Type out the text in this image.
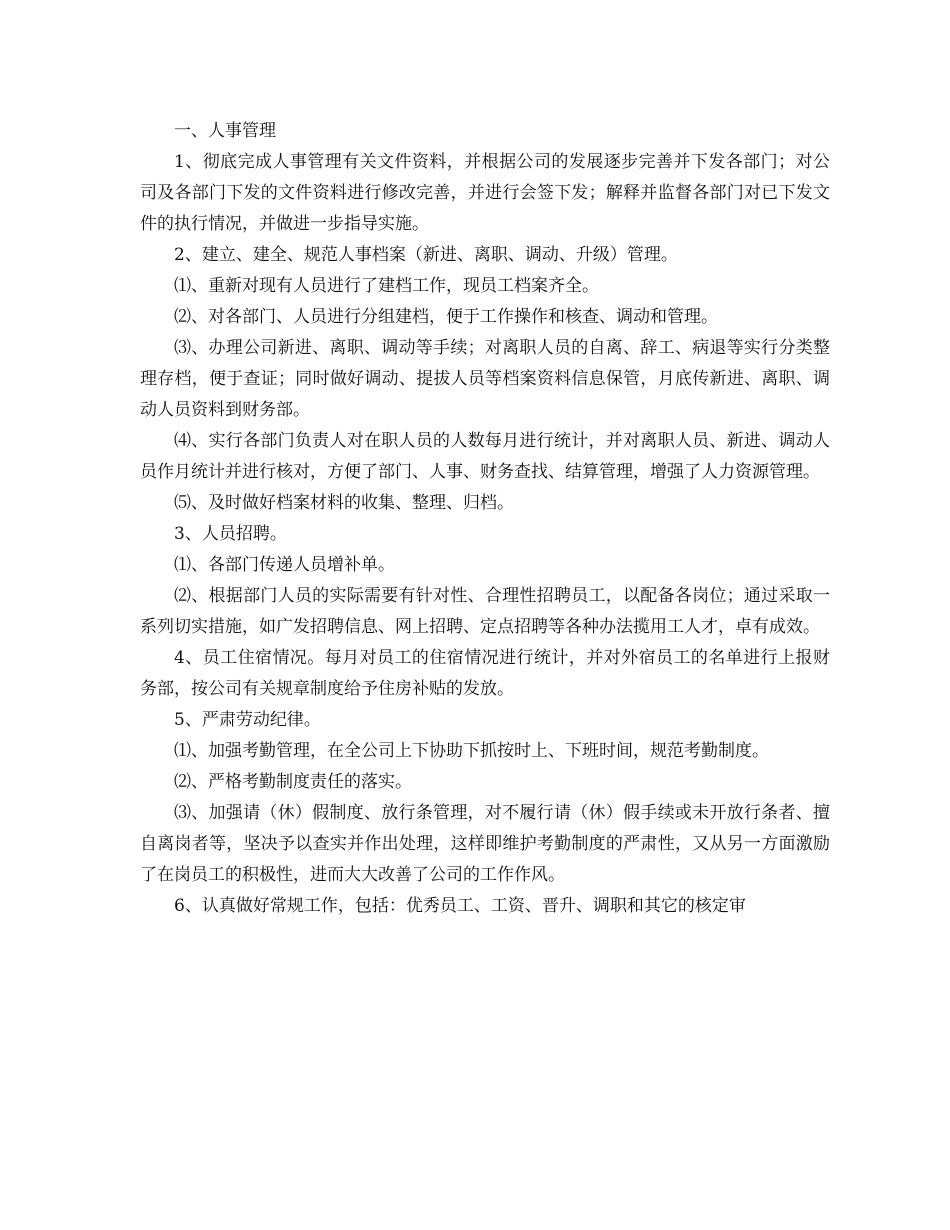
一、人事管理

1、彻底完成人事管理有关文件资料，并根据公司的发展逐步完善并下发各部门；对公司及各部门下发的文件资料进行修改完善，并进行会签下发；解释并监督各部门对已下发文件的执行情况，并做进一步指导实施。

2、建立、建全、规范人事档案（新进、离职、调动、升级）管理。

⑴、重新对现有人员进行了建档工作，现员工档案齐全。

⑵、对各部门、人员进行分组建档，便于工作操作和核查、调动和管理。

⑶、办理公司新进、离职、调动等手续；对离职人员的自离、辞工、病退等实行分类整理存档，便于查证；同时做好调动、提拔人员等档案资料信息保管，月底传新进、离职、调动人员资料到财务部。

⑷、实行各部门负责人对在职人员的人数每月进行统计，并对离职人员、新进、调动人员作月统计并进行核对，方便了部门、人事、财务查找、结算管理，增强了人力资源管理。

⑸、及时做好档案材料的收集、整理、归档。

3、人员招聘。

⑴、各部门传递人员增补单。

⑵、根据部门人员的实际需要有针对性、合理性招聘员工，以配备各岗位；通过采取一系列切实措施，如广发招聘信息、网上招聘、定点招聘等各种办法揽用工人才，卓有成效。

4、员工住宿情况。每月对员工的住宿情况进行统计，并对外宿员工的名单进行上报财务部，按公司有关规章制度给予住房补贴的发放。

5、严肃劳动纪律。

⑴、加强考勤管理，在全公司上下协助下抓按时上、下班时间，规范考勤制度。

⑵、严格考勤制度责任的落实。

⑶、加强请（休）假制度、放行条管理，对不履行请（休）假手续或未开放行条者、擅自离岗者等，坚决予以查实并作出处理，这样即维护考勤制度的严肃性，又从另一方面激励了在岗员工的积极性，进而大大改善了公司的工作作风。

6、认真做好常规工作，包括：优秀员工、工资、晋升、调职和其它的核定审
